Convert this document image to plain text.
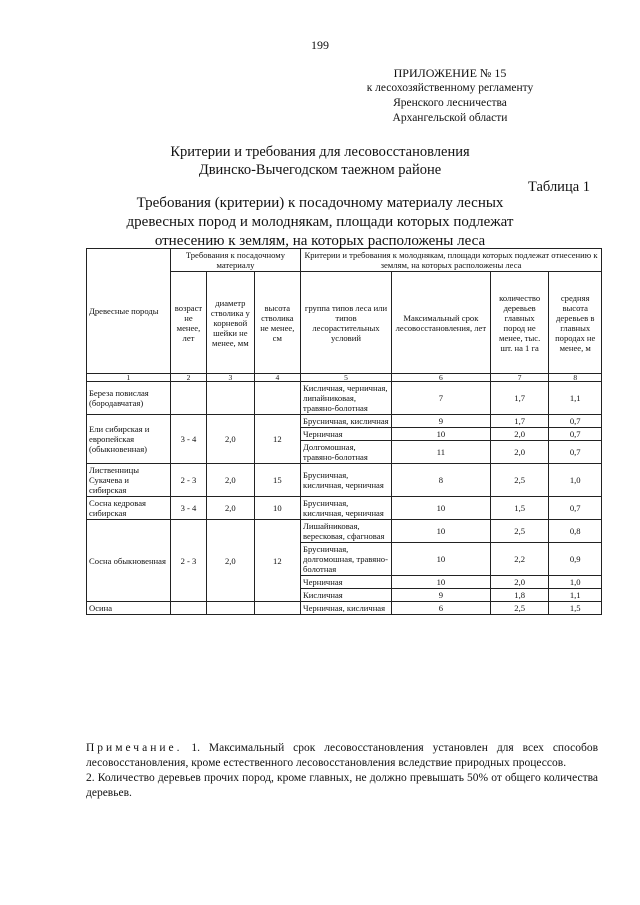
199
ПРИЛОЖЕНИЕ № 15
к лесохозяйственному регламенту
Яренского лесничества
Архангельской области
Критерии и требования для лесовосстановления
Двинско-Вычегодском таежном районе
Таблица 1
Требования (критерии) к посадочному материалу лесных
древесных пород и молоднякам, площади которых подлежат
отнесению к землям, на которых расположены леса
Древесные породы	Требования к посадочному материалу			Критерии и требования к молоднякам, площади которых подлежат отнесению к землям, на которых расположены леса			
	возраст не менее, лет	диаметр стволика у корневой шейки не менее, мм	высота стволика не менее, см	группа типов леса или типов лесорастительных условий	Максимальный срок лесовосстановления, лет	количество деревьев главных пород не менее, тыс. шт. на 1 га	средняя высота деревьев в главных породах не менее, м
1	2	3	4	5	6	7	8
Береза повислая (бородавчатая)				Кисличная, черничная, липайниковая, травяно-болотная	7	1,7	1,1
Ели сибирская и европейская (обыкновенная)	3 - 4	2,0	12	Брусничная, кисличная	9	1,7	0,7
				Черничная	10	2,0	0,7
				Долгомошная, травяно-болотная	11	2,0	0,7
Лиственницы Сукачева и сибирская	2 - 3	2,0	15	Брусничная, кисличная, черничная	8	2,5	1,0
Сосна кедровая сибирская	3 - 4	2,0	10	Брусничная, кисличная, черничная	10	1,5	0,7
Сосна обыкновенная	2 - 3	2,0	12	Лишайниковая, вересковая, сфагновая	10	2,5	0,8
				Брусничная, долгомошная, травяно-болотная	10	2,2	0,9
				Черничная	10	2,0	1,0
				Кисличная	9	1,8	1,1
Осина				Черничная, кисличная	6	2,5	1,5

Примечание. 1. Максимальный срок лесовосстановления установлен для всех способов лесовосстановления, кроме естественного лесовосстановления вследствие природных процессов.

2. Количество деревьев прочих пород, кроме главных, не должно превышать 50% от общего количества деревьев.
